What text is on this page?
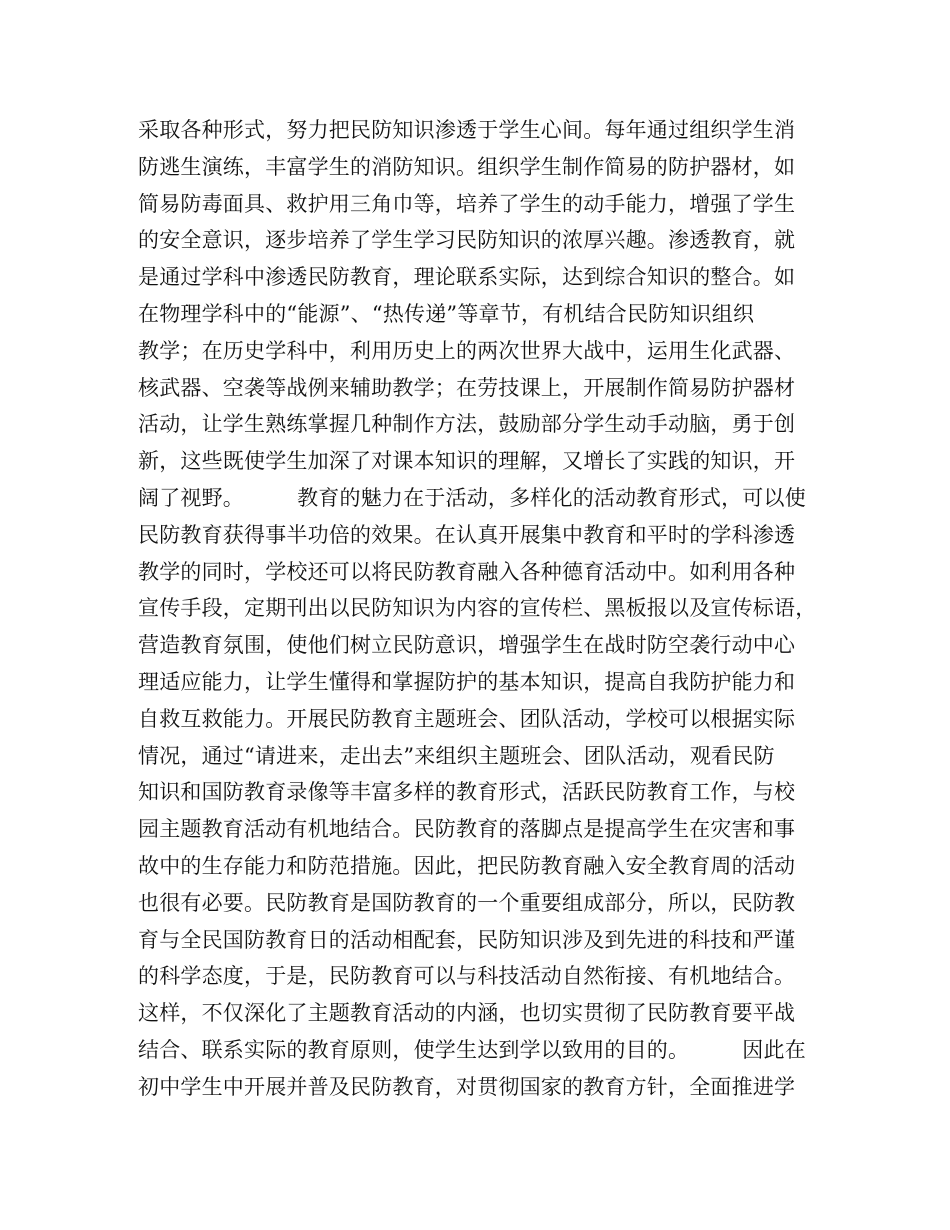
采取各种形式，努力把民防知识渗透于学生心间。每年通过组织学生消
防逃生演练，丰富学生的消防知识。组织学生制作简易的防护器材，如
简易防毒面具、救护用三角巾等，培养了学生的动手能力，增强了学生
的安全意识，逐步培养了学生学习民防知识的浓厚兴趣。渗透教育，就
是通过学科中渗透民防教育，理论联系实际，达到综合知识的整合。如
在物理学科中的“能源”、“热传递”等章节，有机结合民防知识组织
教学；在历史学科中，利用历史上的两次世界大战中，运用生化武器、
核武器、空袭等战例来辅助教学；在劳技课上，开展制作简易防护器材
活动，让学生熟练掌握几种制作方法，鼓励部分学生动手动脑，勇于创
新，这些既使学生加深了对课本知识的理解，又增长了实践的知识，开
阔了视野。　　　教育的魅力在于活动，多样化的活动教育形式，可以使
民防教育获得事半功倍的效果。在认真开展集中教育和平时的学科渗透
教学的同时，学校还可以将民防教育融入各种德育活动中。如利用各种
宣传手段，定期刊出以民防知识为内容的宣传栏、黑板报以及宣传标语，
营造教育氛围，使他们树立民防意识，增强学生在战时防空袭行动中心
理适应能力，让学生懂得和掌握防护的基本知识，提高自我防护能力和
自救互救能力。开展民防教育主题班会、团队活动，学校可以根据实际
情况，通过“请进来，走出去”来组织主题班会、团队活动，观看民防
知识和国防教育录像等丰富多样的教育形式，活跃民防教育工作，与校
园主题教育活动有机地结合。民防教育的落脚点是提高学生在灾害和事
故中的生存能力和防范措施。因此，把民防教育融入安全教育周的活动
也很有必要。民防教育是国防教育的一个重要组成部分，所以，民防教
育与全民国防教育日的活动相配套，民防知识涉及到先进的科技和严谨
的科学态度，于是，民防教育可以与科技活动自然衔接、有机地结合。
这样，不仅深化了主题教育活动的内涵，也切实贯彻了民防教育要平战
结合、联系实际的教育原则，使学生达到学以致用的目的。　　　因此在
初中学生中开展并普及民防教育，对贯彻国家的教育方针，全面推进学
